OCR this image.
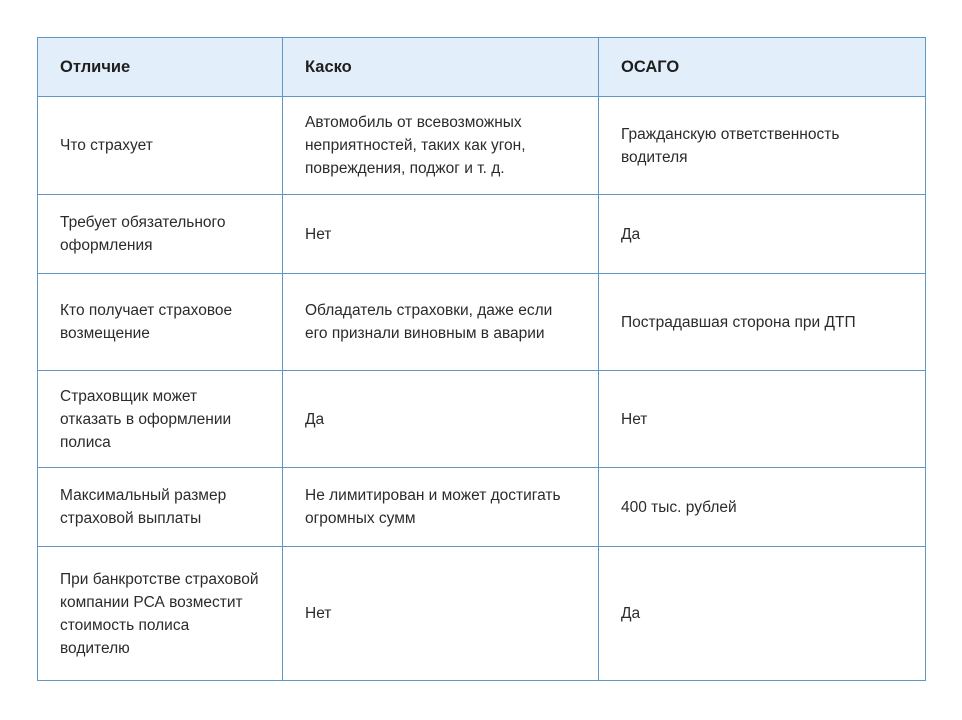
Отличие	Каско	ОСАГО
Что страхует	Автомобиль от всевозможных неприятностей, таких как угон, повреждения, поджог и т. д.	Гражданскую ответственность водителя
Требует обязательного оформления	Нет	Да
Кто получает страховое возмещение	Обладатель страховки, даже если его признали виновным в аварии	Пострадавшая сторона при ДТП
Страховщик может отказать в оформлении полиса	Да	Нет
Максимальный размер страховой выплаты	Не лимитирован и может достигать огромных сумм	400 тыс. рублей
При банкротстве страховой компании РСА возместит стоимость полиса водителю	Нет	Да
